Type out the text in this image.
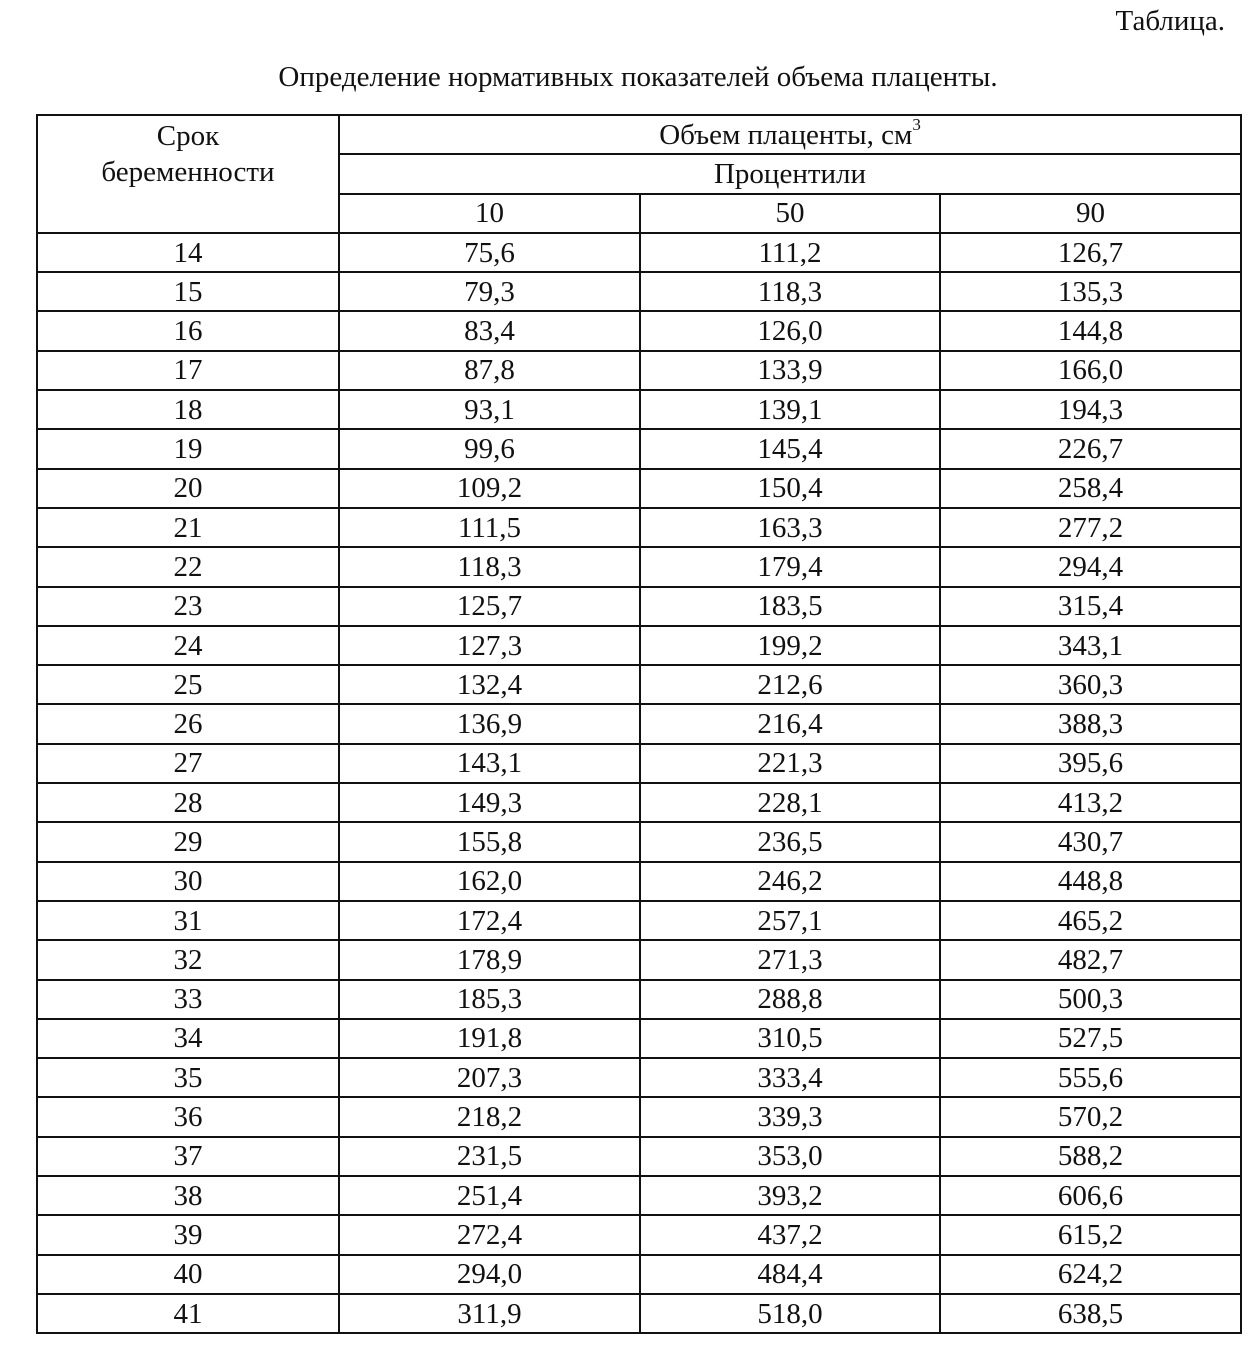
Таблица.
Определение нормативных показателей объема плаценты.
Срок
беременности	Объем плаценты, $см^3$
	Процентили		
	10	50	90
14	75,6	111,2	126,7
15	79,3	118,3	135,3
16	83,4	126,0	144,8
17	87,8	133,9	166,0
18	93,1	139,1	194,3
19	99,6	145,4	226,7
20	109,2	150,4	258,4
21	111,5	163,3	277,2
22	118,3	179,4	294,4
23	125,7	183,5	315,4
24	127,3	199,2	343,1
25	132,4	212,6	360,3
26	136,9	216,4	388,3
27	143,1	221,3	395,6
28	149,3	228,1	413,2
29	155,8	236,5	430,7
30	162,0	246,2	448,8
31	172,4	257,1	465,2
32	178,9	271,3	482,7
33	185,3	288,8	500,3
34	191,8	310,5	527,5
35	207,3	333,4	555,6
36	218,2	339,3	570,2
37	231,5	353,0	588,2
38	251,4	393,2	606,6
39	272,4	437,2	615,2
40	294,0	484,4	624,2
41	311,9	518,0	638,5
